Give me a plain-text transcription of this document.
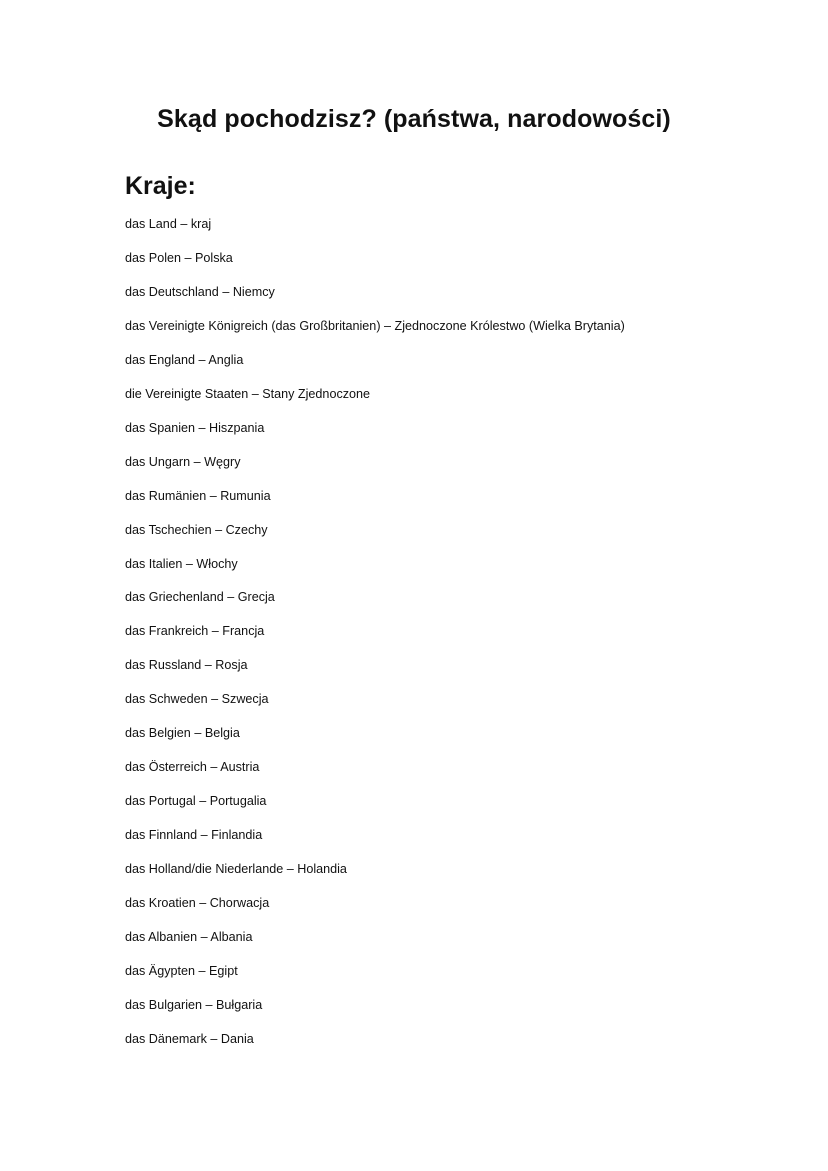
Skąd pochodzisz? (państwa, narodowości)
Kraje:
das Land – kraj
das Polen – Polska
das Deutschland – Niemcy
das Vereinigte Königreich (das Großbritanien) – Zjednoczone Królestwo (Wielka Brytania)
das England – Anglia
die Vereinigte Staaten – Stany Zjednoczone
das Spanien – Hiszpania
das Ungarn – Węgry
das Rumänien – Rumunia
das Tschechien – Czechy
das Italien – Włochy
das Griechenland – Grecja
das Frankreich – Francja
das Russland – Rosja
das Schweden – Szwecja
das Belgien – Belgia
das Österreich – Austria
das Portugal – Portugalia
das Finnland – Finlandia
das Holland/die Niederlande – Holandia
das Kroatien – Chorwacja
das Albanien – Albania
das Ägypten – Egipt
das Bulgarien – Bułgaria
das Dänemark – Dania
